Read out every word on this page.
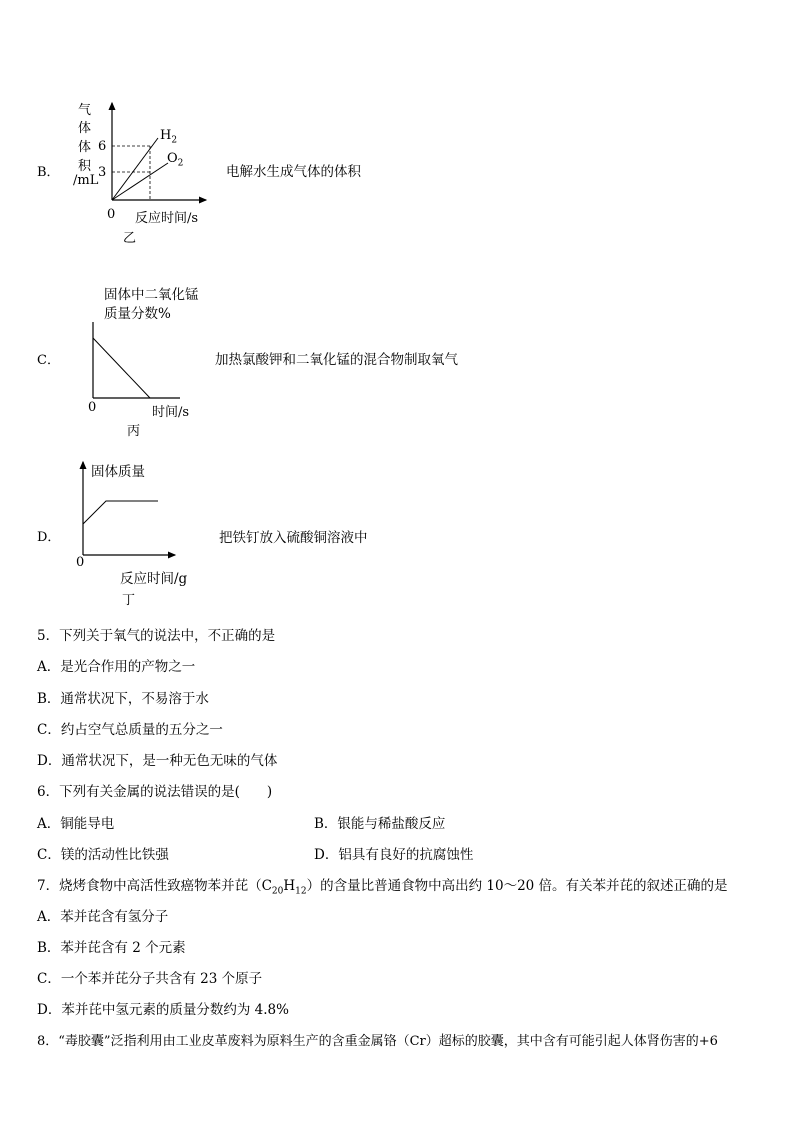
B．
气
体
体
积
/mL
6
3
0 反应时间/s
乙
$H_2$
$O_2$
电解水生成气体的体积
C．
固体中二氧化锰
质量分数%
0	时间/s
丙
加热氯酸钾和二氧化锰的混合物制取氧气
D．
固体质量
0
反应时间/g
丁
把铁钉放入硫酸铜溶液中
5．下列关于氧气的说法中，不正确的是
A．是光合作用的产物之一
B．通常状况下，不易溶于水
C．约占空气总质量的五分之一
D．通常状况下，是一种无色无味的气体
6．下列有关金属的说法错误的是(　　)
A．铜能导电	B．银能与稀盐酸反应
C．镁的活动性比铁强	D．铝具有良好的抗腐蚀性
7．烧烤食物中高活性致癌物苯并芘$(C_{20}H_{12})$的含量比普通食物中高出约 10～20 倍。有关苯并芘的叙述正确的是
A．苯并芘含有氢分子
B．苯并芘含有 2 个元素
C．一个苯并芘分子共含有 23 个原子
D．苯并芘中氢元素的质量分数约为 4.8%
8．“毒胶囊”泛指利用由工业皮革废料为原料生产的含重金属铬（Cr）超标的胶囊，其中含有可能引起人体肾伤害的+6
